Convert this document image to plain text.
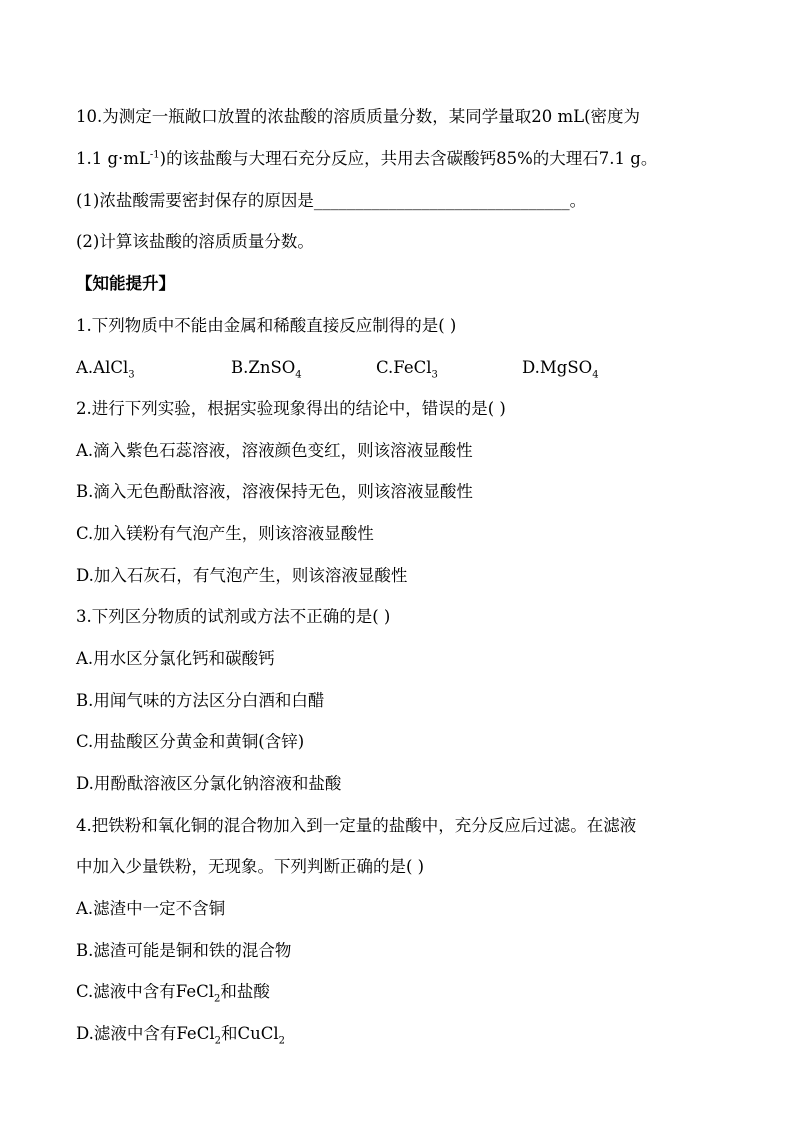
10.为测定一瓶敞口放置的浓盐酸的溶质质量分数，某同学量取20 mL(密度为
1.1 $g\cdot mL^{-1}$)的该盐酸与大理石充分反应，共用去含碳酸钙85%的大理石7.1 g。
(1)浓盐酸需要密封保存的原因是_______________________________。
(2)计算该盐酸的溶质质量分数。
【知能提升】
1.下列物质中不能由金属和稀酸直接反应制得的是( )
A.AlCl$_3$	B.ZnSO$_4$	C.FeCl$_3$	D.MgSO$_4$
2.进行下列实验，根据实验现象得出的结论中，错误的是( )
A.滴入紫色石蕊溶液，溶液颜色变红，则该溶液显酸性
B.滴入无色酚酞溶液，溶液保持无色，则该溶液显酸性
C.加入镁粉有气泡产生，则该溶液显酸性
D.加入石灰石，有气泡产生，则该溶液显酸性
3.下列区分物质的试剂或方法不正确的是( )
A.用水区分氯化钙和碳酸钙
B.用闻气味的方法区分白酒和白醋
C.用盐酸区分黄金和黄铜(含锌)
D.用酚酞溶液区分氯化钠溶液和盐酸
4.把铁粉和氧化铜的混合物加入到一定量的盐酸中，充分反应后过滤。在滤液
中加入少量铁粉，无现象。下列判断正确的是( )
A.滤渣中一定不含铜
B.滤渣可能是铜和铁的混合物
C.滤液中含有FeCl$_2$和盐酸
D.滤液中含有FeCl$_2$和CuCl$_2$
